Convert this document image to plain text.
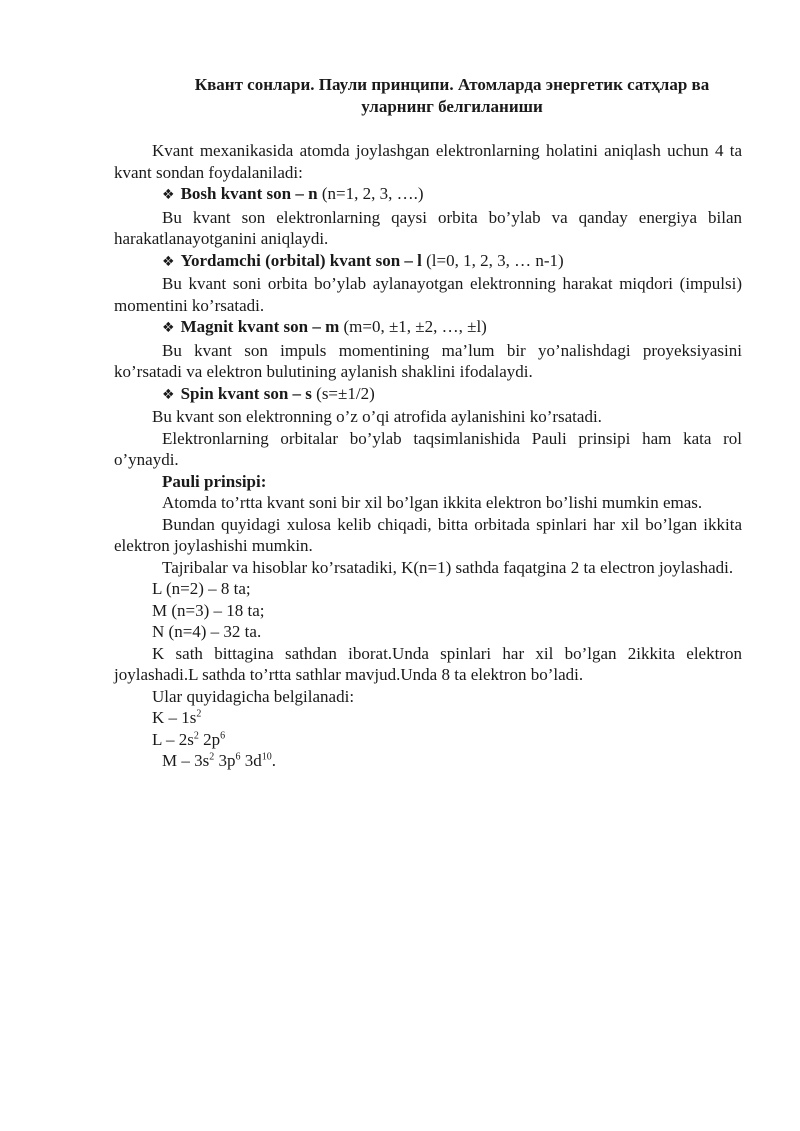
Квант сонлари. Паули принципи. Атомларда энергетик сатҳлар ва
уларнинг белгиланиши

Kvant mexanikasida atomda joylashgan elektronlarning holatini aniqlash uchun 4 ta kvant sondan foydalaniladi:

❖ Bosh kvant son – n (n=1, 2, 3, ….)

Bu kvant son elektronlarning qaysi orbita bo’ylab va qanday energiya bilan harakatlanayotganini aniqlaydi.

❖ Yordamchi (orbital) kvant son – l (l=0, 1, 2, 3, … n-1)

Bu kvant soni orbita bo’ylab aylanayotgan elektronning harakat miqdori (impulsi) momentini ko’rsatadi.

❖ Magnit kvant son – m (m=0, ±1, ±2, …, ±l)

Bu kvant son impuls momentining ma’lum bir yo’nalishdagi proyeksiyasini ko’rsatadi va elektron bulutining aylanish shaklini ifodalaydi.

❖ Spin kvant son – s (s=±1/2)

Bu kvant son elektronning o’z o’qi atrofida aylanishini ko’rsatadi.

Elektronlarning orbitalar bo’ylab taqsimlanishida Pauli prinsipi ham kata rol o’ynaydi.

Pauli prinsipi:

Atomda to’rtta kvant soni bir xil bo’lgan ikkita elektron bo’lishi mumkin emas.

Bundan quyidagi xulosa kelib chiqadi, bitta orbitada spinlari har xil bo’lgan ikkita elektron joylashishi mumkin.

Tajribalar va hisoblar ko’rsatadiki, K(n=1) sathda faqatgina 2 ta electron joylashadi.

L (n=2) – 8 ta;

M (n=3) – 18 ta;

N (n=4) – 32 ta.

K sath bittagina sathdan iborat.Unda spinlari har xil bo’lgan 2ikkita elektron joylashadi.L sathda to’rtta sathlar mavjud.Unda 8 ta elektron bo’ladi.

Ular quyidagicha belgilanadi:

K – $1s^2$

L – $2s^2$ $2p^6$

M – $3s^2$ $3p^6$ $3d^{10}$.
